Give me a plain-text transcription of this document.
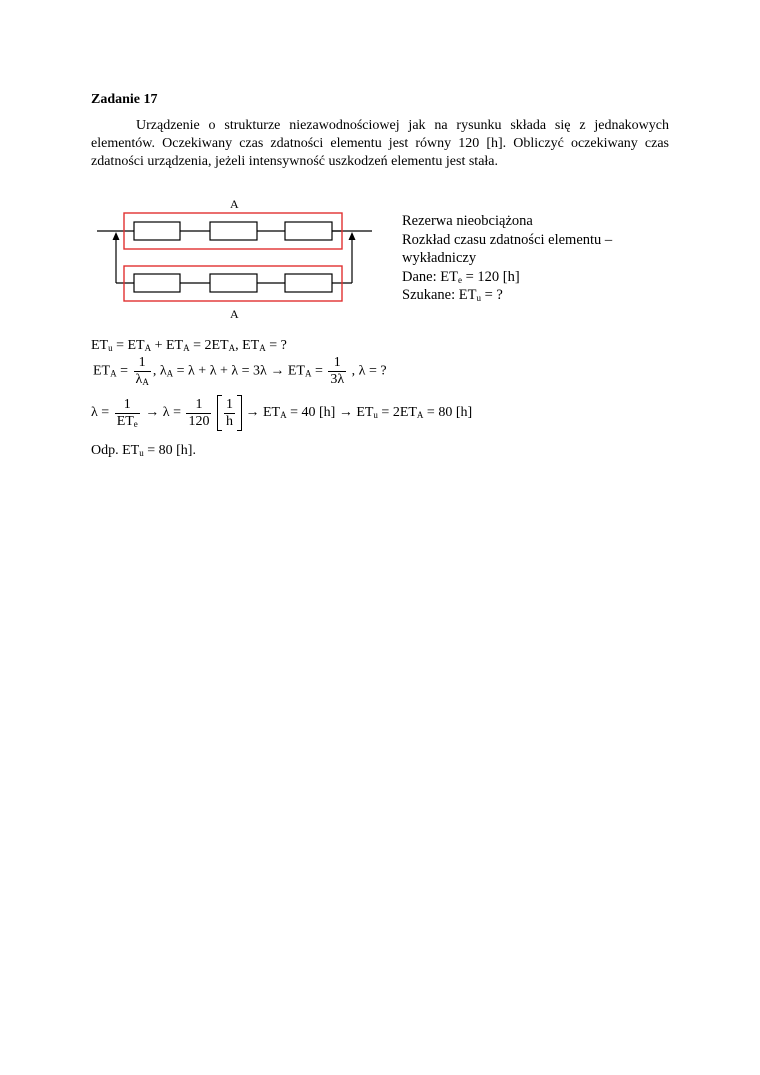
Zadanie 17

Urządzenie o strukturze niezawodnościowej jak na rysunku składa się z jednakowych elementów. Oczekiwany czas zdatności elementu jest równy 120 [h]. Obliczyć oczekiwany czas zdatności urządzenia, jeżeli intensywność uszkodzeń elementu jest stała.

A
A
Rezerwa nieobciążona
Rozkład czasu zdatności elementu –
wykładniczy
Dane: $ET_e = 120$ [h]
Szukane: $ET_u$ = ?
$ET_u = ET_A + ET_A = 2ET_A$, $ET_A$ = ?
$ET_A = \frac{1}{\lambda_A}$ , $\lambda_A = \lambda + \lambda + \lambda = 3\lambda \to ET_A = \frac{1}{3\lambda}$ , λ = ?
$\lambda = \frac{1}{ET_e} \to \lambda = \frac{1}{120}$
$\frac{1}{h} \to ET_A = 40$ $[h] \to ET_u = 2ET_A = 80$ [h]
Odp. $ET_u = 80$ [h].
